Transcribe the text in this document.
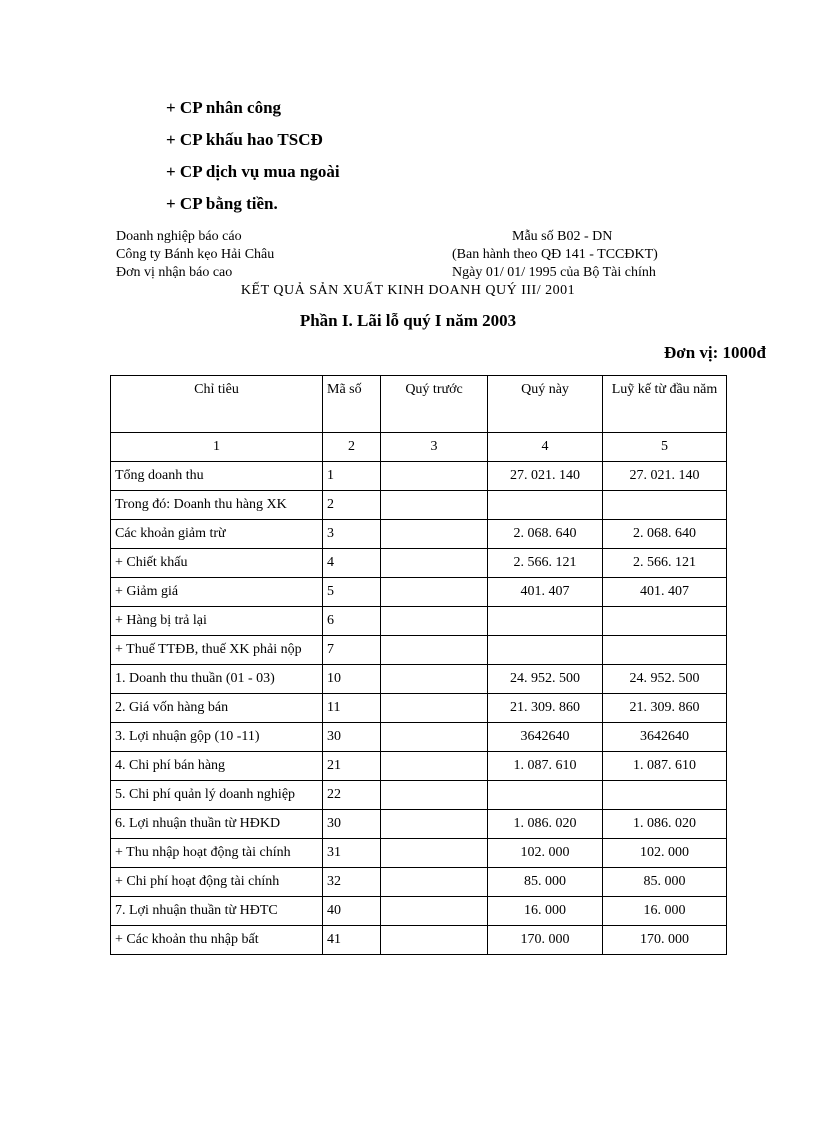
+ CP nhân công
+ CP khấu hao TSCĐ
+ CP dịch vụ mua ngoài
+ CP bằng tiền.
Doanh nghiệp báo cáo
Công ty Bánh kẹo Hải Châu
Đơn vị nhận báo cao
Mẫu số B02 - DN
(Ban hành theo QĐ 141 - TCCĐKT)
Ngày 01/ 01/ 1995 của Bộ Tài chính
KẾT QUẢ SẢN XUẤT KINH DOANH QUÝ III/ 2001
Phần I. Lãi lỗ quý I năm 2003
Đơn vị: 1000đ
Chỉ tiêu	Mã số	Quý trước	Quý này	Luỹ kế từ đầu năm
1	2	3	4	5
Tổng doanh thu	1		27. 021. 140	27. 021. 140
Trong đó: Doanh thu hàng XK	2			
Các khoản giảm trừ	3		2. 068. 640	2. 068. 640
+ Chiết khấu	4		2. 566. 121	2. 566. 121
+ Giảm giá	5		401. 407	401. 407
+ Hàng bị trả lại	6			
+ Thuế TTĐB, thuế XK phải nộp	7			
1. Doanh thu thuần (01 - 03)	10		24. 952. 500	24. 952. 500
2. Giá vốn hàng bán	11		21. 309. 860	21. 309. 860
3. Lợi nhuận gộp (10 -11)	30		3642640	3642640
4. Chi phí bán hàng	21		1. 087. 610	1. 087. 610
5. Chi phí quản lý doanh nghiệp	22			
6. Lợi nhuận thuần từ HĐKD	30		1. 086. 020	1. 086. 020
+ Thu nhập hoạt động tài chính	31		102. 000	102. 000
+ Chi phí hoạt động tài chính	32		85. 000	85. 000
7. Lợi nhuận thuần từ HĐTC	40		16. 000	16. 000
+ Các khoản thu nhập bất	41		170. 000	170. 000
